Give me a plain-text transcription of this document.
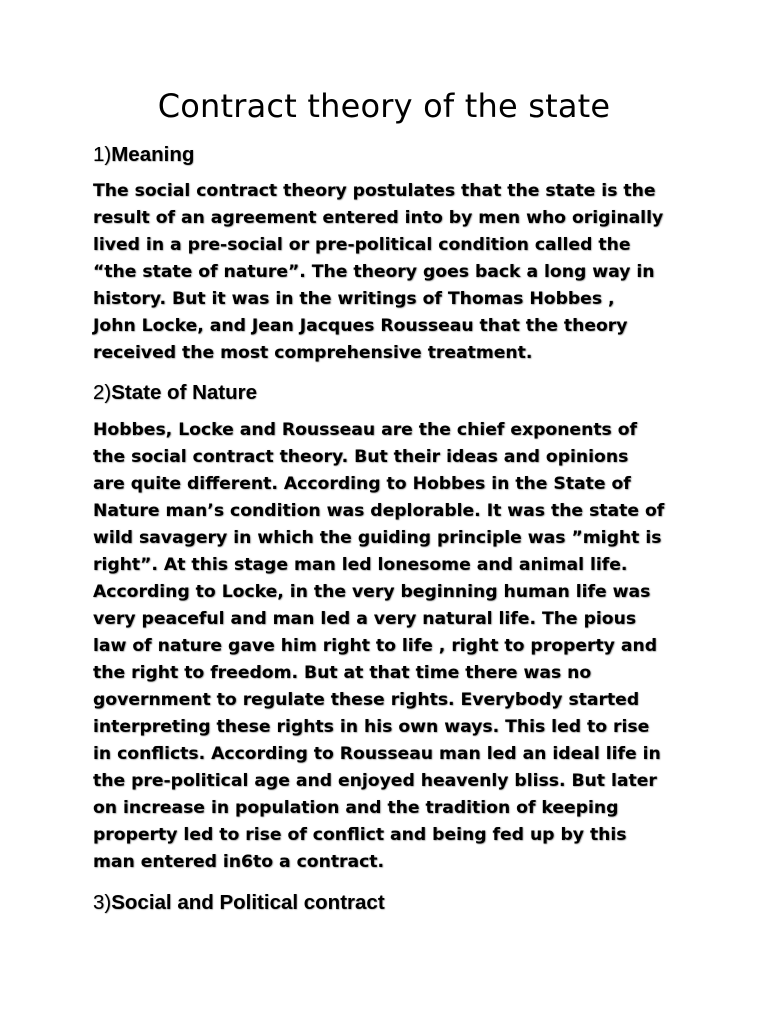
Contract theory of the state
1)Meaning
The social contract theory postulates that the state is the
result of an agreement entered into by men who originally
lived in a pre-social or pre-political condition called the
“the state of nature”. The theory goes back a long way in
history. But it was in the writings of Thomas Hobbes ,
John Locke, and Jean Jacques Rousseau that the theory
received the most comprehensive treatment.
2)State of Nature
Hobbes, Locke and Rousseau are the chief exponents of
the social contract theory. But their ideas and opinions
are quite different. According to Hobbes in the State of
Nature man’s condition was deplorable. It was the state of
wild savagery in which the guiding principle was ”might is
right”. At this stage man led lonesome and animal life.
According to Locke, in the very beginning human life was
very peaceful and man led a very natural life. The pious
law of nature gave him right to life , right to property and
the right to freedom. But at that time there was no
government to regulate these rights. Everybody started
interpreting these rights in his own ways. This led to rise
in conflicts. According to Rousseau man led an ideal life in
the pre-political age and enjoyed heavenly bliss. But later
on increase in population and the tradition of keeping
property led to rise of conflict and being fed up by this
man entered in6to a contract.
3)Social and Political contract
